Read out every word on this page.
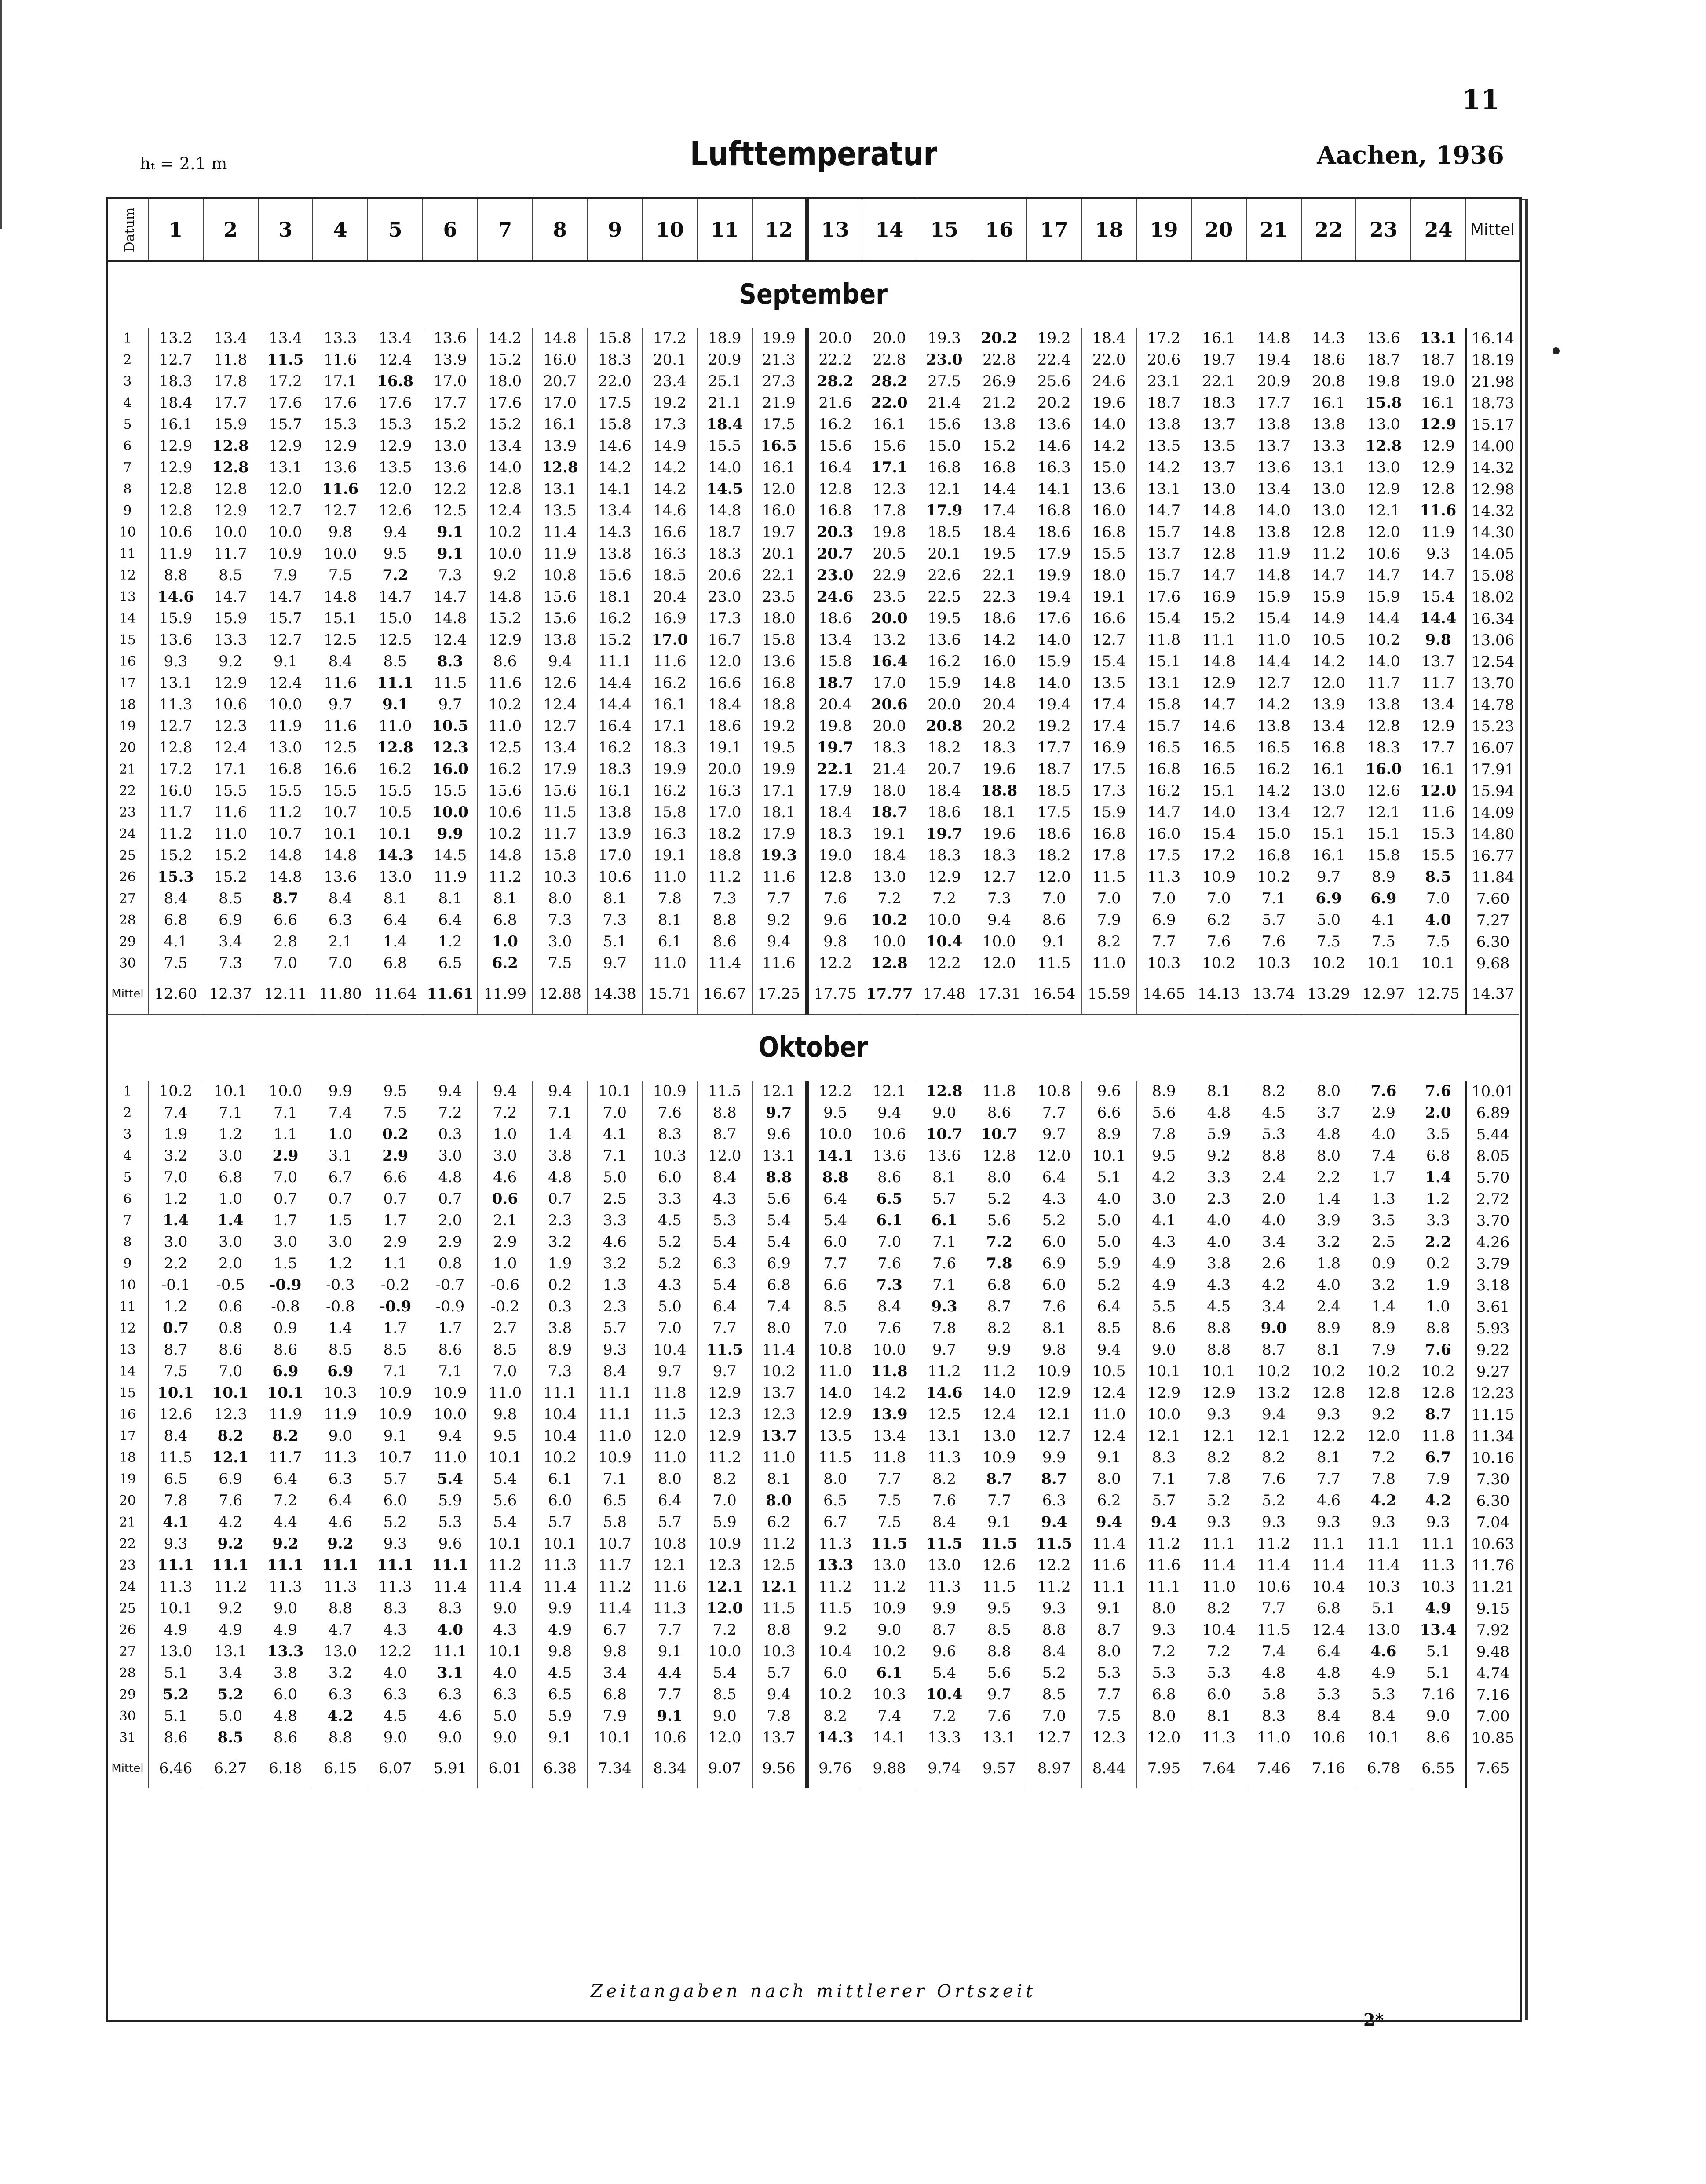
11
hₜ = 2.1 m	Lufttemperatur	Aachen, 1936
Datum	1	2	3	4	5	6	7	8	9	10	11	12	13	14	15	16	17	18	19	20	21	22	23	24	Mittel
September																									

1	13.2	13.4	13.4	13.3	13.4	13.6	14.2	14.8	15.8	17.2	18.9	19.9	20.0	20.0	19.3	20.2	19.2	18.4	17.2	16.1	14.8	14.3	13.6	13.1	16.14
2	12.7	11.8	11.5	11.6	12.4	13.9	15.2	16.0	18.3	20.1	20.9	21.3	22.2	22.8	23.0	22.8	22.4	22.0	20.6	19.7	19.4	18.6	18.7	18.7	18.19
3	18.3	17.8	17.2	17.1	16.8	17.0	18.0	20.7	22.0	23.4	25.1	27.3	28.2	28.2	27.5	26.9	25.6	24.6	23.1	22.1	20.9	20.8	19.8	19.0	21.98
4	18.4	17.7	17.6	17.6	17.6	17.7	17.6	17.0	17.5	19.2	21.1	21.9	21.6	22.0	21.4	21.2	20.2	19.6	18.7	18.3	17.7	16.1	15.8	16.1	18.73
5	16.1	15.9	15.7	15.3	15.3	15.2	15.2	16.1	15.8	17.3	18.4	17.5	16.2	16.1	15.6	13.8	13.6	14.0	13.8	13.7	13.8	13.8	13.0	12.9	15.17

6	12.9	12.8	12.9	12.9	12.9	13.0	13.4	13.9	14.6	14.9	15.5	16.5	15.6	15.6	15.0	15.2	14.6	14.2	13.5	13.5	13.7	13.3	12.8	12.9	14.00
7	12.9	12.8	13.1	13.6	13.5	13.6	14.0	12.8	14.2	14.2	14.0	16.1	16.4	17.1	16.8	16.8	16.3	15.0	14.2	13.7	13.6	13.1	13.0	12.9	14.32
8	12.8	12.8	12.0	11.6	12.0	12.2	12.8	13.1	14.1	14.2	14.5	12.0	12.8	12.3	12.1	14.4	14.1	13.6	13.1	13.0	13.4	13.0	12.9	12.8	12.98
9	12.8	12.9	12.7	12.7	12.6	12.5	12.4	13.5	13.4	14.6	14.8	16.0	16.8	17.8	17.9	17.4	16.8	16.0	14.7	14.8	14.0	13.0	12.1	11.6	14.32
10	10.6	10.0	10.0	9.8	9.4	9.1	10.2	11.4	14.3	16.6	18.7	19.7	20.3	19.8	18.5	18.4	18.6	16.8	15.7	14.8	13.8	12.8	12.0	11.9	14.30

11	11.9	11.7	10.9	10.0	9.5	9.1	10.0	11.9	13.8	16.3	18.3	20.1	20.7	20.5	20.1	19.5	17.9	15.5	13.7	12.8	11.9	11.2	10.6	9.3	14.05
12	8.8	8.5	7.9	7.5	7.2	7.3	9.2	10.8	15.6	18.5	20.6	22.1	23.0	22.9	22.6	22.1	19.9	18.0	15.7	14.7	14.8	14.7	14.7	14.7	15.08
13	14.6	14.7	14.7	14.8	14.7	14.7	14.8	15.6	18.1	20.4	23.0	23.5	24.6	23.5	22.5	22.3	19.4	19.1	17.6	16.9	15.9	15.9	15.9	15.4	18.02
14	15.9	15.9	15.7	15.1	15.0	14.8	15.2	15.6	16.2	16.9	17.3	18.0	18.6	20.0	19.5	18.6	17.6	16.6	15.4	15.2	15.4	14.9	14.4	14.4	16.34
15	13.6	13.3	12.7	12.5	12.5	12.4	12.9	13.8	15.2	17.0	16.7	15.8	13.4	13.2	13.6	14.2	14.0	12.7	11.8	11.1	11.0	10.5	10.2	9.8	13.06

16	9.3	9.2	9.1	8.4	8.5	8.3	8.6	9.4	11.1	11.6	12.0	13.6	15.8	16.4	16.2	16.0	15.9	15.4	15.1	14.8	14.4	14.2	14.0	13.7	12.54
17	13.1	12.9	12.4	11.6	11.1	11.5	11.6	12.6	14.4	16.2	16.6	16.8	18.7	17.0	15.9	14.8	14.0	13.5	13.1	12.9	12.7	12.0	11.7	11.7	13.70
18	11.3	10.6	10.0	9.7	9.1	9.7	10.2	12.4	14.4	16.1	18.4	18.8	20.4	20.6	20.0	20.4	19.4	17.4	15.8	14.7	14.2	13.9	13.8	13.4	14.78
19	12.7	12.3	11.9	11.6	11.0	10.5	11.0	12.7	16.4	17.1	18.6	19.2	19.8	20.0	20.8	20.2	19.2	17.4	15.7	14.6	13.8	13.4	12.8	12.9	15.23
20	12.8	12.4	13.0	12.5	12.8	12.3	12.5	13.4	16.2	18.3	19.1	19.5	19.7	18.3	18.2	18.3	17.7	16.9	16.5	16.5	16.5	16.8	18.3	17.7	16.07

21	17.2	17.1	16.8	16.6	16.2	16.0	16.2	17.9	18.3	19.9	20.0	19.9	22.1	21.4	20.7	19.6	18.7	17.5	16.8	16.5	16.2	16.1	16.0	16.1	17.91
22	16.0	15.5	15.5	15.5	15.5	15.5	15.6	15.6	16.1	16.2	16.3	17.1	17.9	18.0	18.4	18.8	18.5	17.3	16.2	15.1	14.2	13.0	12.6	12.0	15.94
23	11.7	11.6	11.2	10.7	10.5	10.0	10.6	11.5	13.8	15.8	17.0	18.1	18.4	18.7	18.6	18.1	17.5	15.9	14.7	14.0	13.4	12.7	12.1	11.6	14.09
24	11.2	11.0	10.7	10.1	10.1	9.9	10.2	11.7	13.9	16.3	18.2	17.9	18.3	19.1	19.7	19.6	18.6	16.8	16.0	15.4	15.0	15.1	15.1	15.3	14.80
25	15.2	15.2	14.8	14.8	14.3	14.5	14.8	15.8	17.0	19.1	18.8	19.3	19.0	18.4	18.3	18.3	18.2	17.8	17.5	17.2	16.8	16.1	15.8	15.5	16.77

26	15.3	15.2	14.8	13.6	13.0	11.9	11.2	10.3	10.6	11.0	11.2	11.6	12.8	13.0	12.9	12.7	12.0	11.5	11.3	10.9	10.2	9.7	8.9	8.5	11.84
27	8.4	8.5	8.7	8.4	8.1	8.1	8.1	8.0	8.1	7.8	7.3	7.7	7.6	7.2	7.2	7.3	7.0	7.0	7.0	7.0	7.1	6.9	6.9	7.0	7.60
28	6.8	6.9	6.6	6.3	6.4	6.4	6.8	7.3	7.3	8.1	8.8	9.2	9.6	10.2	10.0	9.4	8.6	7.9	6.9	6.2	5.7	5.0	4.1	4.0	7.27
29	4.1	3.4	2.8	2.1	1.4	1.2	1.0	3.0	5.1	6.1	8.6	9.4	9.8	10.0	10.4	10.0	9.1	8.2	7.7	7.6	7.6	7.5	7.5	7.5	6.30
30	7.5	7.3	7.0	7.0	6.8	6.5	6.2	7.5	9.7	11.0	11.4	11.6	12.2	12.8	12.2	12.0	11.5	11.0	10.3	10.2	10.3	10.2	10.1	10.1	9.68

Mittel	12.60	12.37	12.11	11.80	11.64	11.61	11.99	12.88	14.38	15.71	16.67	17.25	17.75	17.77	17.48	17.31	16.54	15.59	14.65	14.13	13.74	13.29	12.97	12.75	14.37

Oktober																									

1	10.2	10.1	10.0	9.9	9.5	9.4	9.4	9.4	10.1	10.9	11.5	12.1	12.2	12.1	12.8	11.8	10.8	9.6	8.9	8.1	8.2	8.0	7.6	7.6	10.01
2	7.4	7.1	7.1	7.4	7.5	7.2	7.2	7.1	7.0	7.6	8.8	9.7	9.5	9.4	9.0	8.6	7.7	6.6	5.6	4.8	4.5	3.7	2.9	2.0	6.89
3	1.9	1.2	1.1	1.0	0.2	0.3	1.0	1.4	4.1	8.3	8.7	9.6	10.0	10.6	10.7	10.7	9.7	8.9	7.8	5.9	5.3	4.8	4.0	3.5	5.44
4	3.2	3.0	2.9	3.1	2.9	3.0	3.0	3.8	7.1	10.3	12.0	13.1	14.1	13.6	13.6	12.8	12.0	10.1	9.5	9.2	8.8	8.0	7.4	6.8	8.05
5	7.0	6.8	7.0	6.7	6.6	4.8	4.6	4.8	5.0	6.0	8.4	8.8	8.8	8.6	8.1	8.0	6.4	5.1	4.2	3.3	2.4	2.2	1.7	1.4	5.70

6	1.2	1.0	0.7	0.7	0.7	0.7	0.6	0.7	2.5	3.3	4.3	5.6	6.4	6.5	5.7	5.2	4.3	4.0	3.0	2.3	2.0	1.4	1.3	1.2	2.72
7	1.4	1.4	1.7	1.5	1.7	2.0	2.1	2.3	3.3	4.5	5.3	5.4	5.4	6.1	6.1	5.6	5.2	5.0	4.1	4.0	4.0	3.9	3.5	3.3	3.70
8	3.0	3.0	3.0	3.0	2.9	2.9	2.9	3.2	4.6	5.2	5.4	5.4	6.0	7.0	7.1	7.2	6.0	5.0	4.3	4.0	3.4	3.2	2.5	2.2	4.26
9	2.2	2.0	1.5	1.2	1.1	0.8	1.0	1.9	3.2	5.2	6.3	6.9	7.7	7.6	7.6	7.8	6.9	5.9	4.9	3.8	2.6	1.8	0.9	0.2	3.79
10	-0.1	-0.5	-0.9	-0.3	-0.2	-0.7	-0.6	0.2	1.3	4.3	5.4	6.8	6.6	7.3	7.1	6.8	6.0	5.2	4.9	4.3	4.2	4.0	3.2	1.9	3.18

11	1.2	0.6	-0.8	-0.8	-0.9	-0.9	-0.2	0.3	2.3	5.0	6.4	7.4	8.5	8.4	9.3	8.7	7.6	6.4	5.5	4.5	3.4	2.4	1.4	1.0	3.61
12	0.7	0.8	0.9	1.4	1.7	1.7	2.7	3.8	5.7	7.0	7.7	8.0	7.0	7.6	7.8	8.2	8.1	8.5	8.6	8.8	9.0	8.9	8.9	8.8	5.93
13	8.7	8.6	8.6	8.5	8.5	8.6	8.5	8.9	9.3	10.4	11.5	11.4	10.8	10.0	9.7	9.9	9.8	9.4	9.0	8.8	8.7	8.1	7.9	7.6	9.22
14	7.5	7.0	6.9	6.9	7.1	7.1	7.0	7.3	8.4	9.7	9.7	10.2	11.0	11.8	11.2	11.2	10.9	10.5	10.1	10.1	10.2	10.2	10.2	10.2	9.27
15	10.1	10.1	10.1	10.3	10.9	10.9	11.0	11.1	11.1	11.8	12.9	13.7	14.0	14.2	14.6	14.0	12.9	12.4	12.9	12.9	13.2	12.8	12.8	12.8	12.23

16	12.6	12.3	11.9	11.9	10.9	10.0	9.8	10.4	11.1	11.5	12.3	12.3	12.9	13.9	12.5	12.4	12.1	11.0	10.0	9.3	9.4	9.3	9.2	8.7	11.15
17	8.4	8.2	8.2	9.0	9.1	9.4	9.5	10.4	11.0	12.0	12.9	13.7	13.5	13.4	13.1	13.0	12.7	12.4	12.1	12.1	12.1	12.2	12.0	11.8	11.34
18	11.5	12.1	11.7	11.3	10.7	11.0	10.1	10.2	10.9	11.0	11.2	11.0	11.5	11.8	11.3	10.9	9.9	9.1	8.3	8.2	8.2	8.1	7.2	6.7	10.16
19	6.5	6.9	6.4	6.3	5.7	5.4	5.4	6.1	7.1	8.0	8.2	8.1	8.0	7.7	8.2	8.7	8.7	8.0	7.1	7.8	7.6	7.7	7.8	7.9	7.30
20	7.8	7.6	7.2	6.4	6.0	5.9	5.6	6.0	6.5	6.4	7.0	8.0	6.5	7.5	7.6	7.7	6.3	6.2	5.7	5.2	5.2	4.6	4.2	4.2	6.30

21	4.1	4.2	4.4	4.6	5.2	5.3	5.4	5.7	5.8	5.7	5.9	6.2	6.7	7.5	8.4	9.1	9.4	9.4	9.4	9.3	9.3	9.3	9.3	9.3	7.04
22	9.3	9.2	9.2	9.2	9.3	9.6	10.1	10.1	10.7	10.8	10.9	11.2	11.3	11.5	11.5	11.5	11.5	11.4	11.2	11.1	11.2	11.1	11.1	11.1	10.63
23	11.1	11.1	11.1	11.1	11.1	11.1	11.2	11.3	11.7	12.1	12.3	12.5	13.3	13.0	13.0	12.6	12.2	11.6	11.6	11.4	11.4	11.4	11.4	11.3	11.76
24	11.3	11.2	11.3	11.3	11.3	11.4	11.4	11.4	11.2	11.6	12.1	12.1	11.2	11.2	11.3	11.5	11.2	11.1	11.1	11.0	10.6	10.4	10.3	10.3	11.21
25	10.1	9.2	9.0	8.8	8.3	8.3	9.0	9.9	11.4	11.3	12.0	11.5	11.5	10.9	9.9	9.5	9.3	9.1	8.0	8.2	7.7	6.8	5.1	4.9	9.15

26	4.9	4.9	4.9	4.7	4.3	4.0	4.3	4.9	6.7	7.7	7.2	8.8	9.2	9.0	8.7	8.5	8.8	8.7	9.3	10.4	11.5	12.4	13.0	13.4	7.92
27	13.0	13.1	13.3	13.0	12.2	11.1	10.1	9.8	9.8	9.1	10.0	10.3	10.4	10.2	9.6	8.8	8.4	8.0	7.2	7.2	7.4	6.4	4.6	5.1	9.48
28	5.1	3.4	3.8	3.2	4.0	3.1	4.0	4.5	3.4	4.4	5.4	5.7	6.0	6.1	5.4	5.6	5.2	5.3	5.3	5.3	4.8	4.8	4.9	5.1	4.74
29	5.2	5.2	6.0	6.3	6.3	6.3	6.3	6.5	6.8	7.7	8.5	9.4	10.2	10.3	10.4	9.7	8.5	7.7	6.8	6.0	5.8	5.3	5.3	7.16	7.16
30	5.1	5.0	4.8	4.2	4.5	4.6	5.0	5.9	7.9	9.1	9.0	7.8	8.2	7.4	7.2	7.6	7.0	7.5	8.0	8.1	8.3	8.4	8.4	9.0	7.00

31	8.6	8.5	8.6	8.8	9.0	9.0	9.0	9.1	10.1	10.6	12.0	13.7	14.3	14.1	13.3	13.1	12.7	12.3	12.0	11.3	11.0	10.6	10.1	8.6	10.85

Mittel	6.46	6.27	6.18	6.15	6.07	5.91	6.01	6.38	7.34	8.34	9.07	9.56	9.76	9.88	9.74	9.57	8.97	8.44	7.95	7.64	7.46	7.16	6.78	6.55	7.65
Zeitangaben nach mittlerer Ortszeit
2*
